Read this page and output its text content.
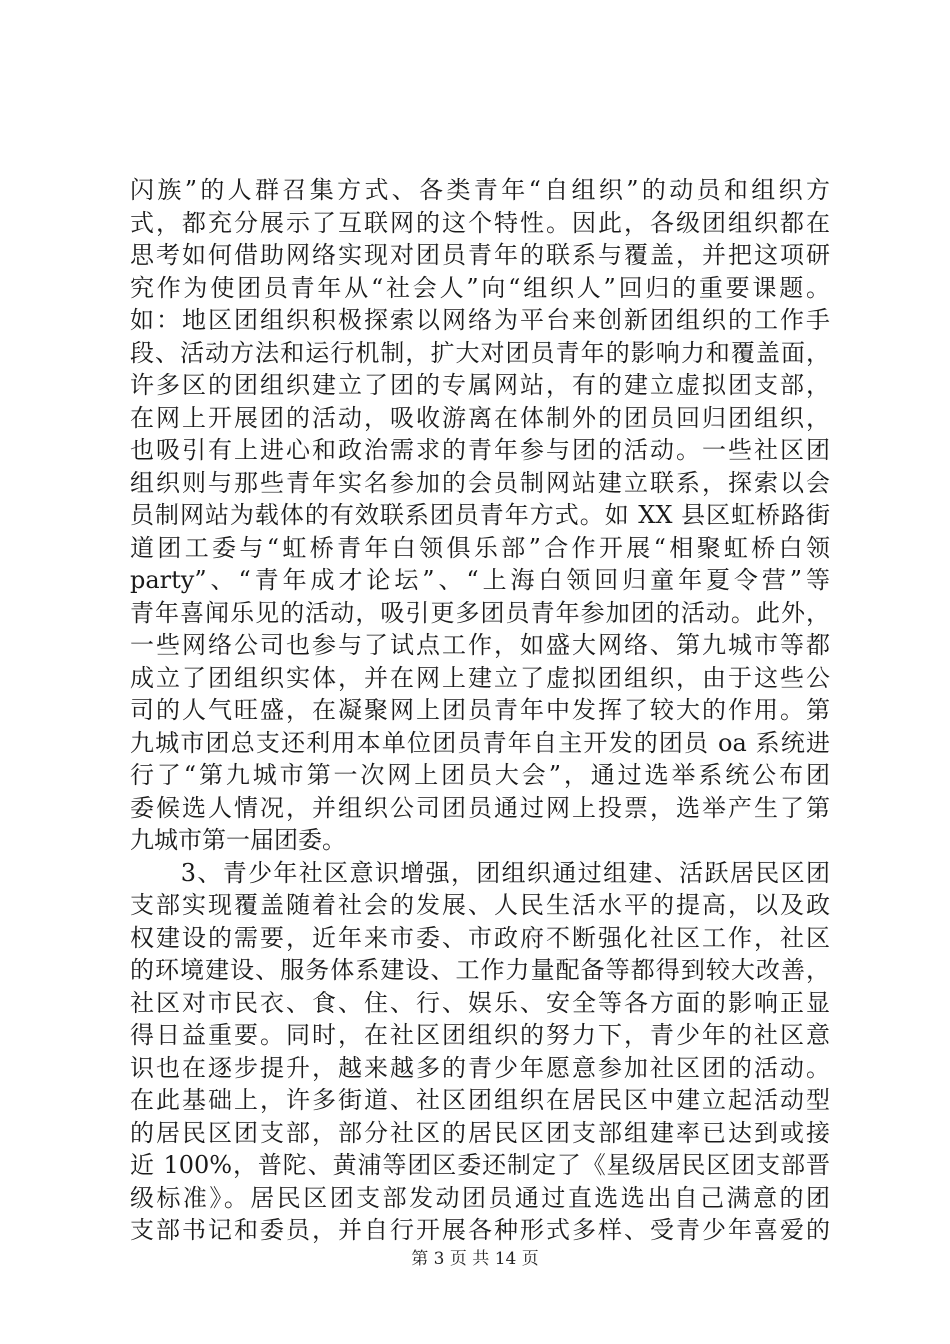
闪族”的人群召集方式、各类青年“自组织”的动员和组织方
式，都充分展示了互联网的这个特性。因此，各级团组织都在
思考如何借助网络实现对团员青年的联系与覆盖，并把这项研
究作为使团员青年从“社会人”向“组织人”回归的重要课题。
如：地区团组织积极探索以网络为平台来创新团组织的工作手
段、活动方法和运行机制，扩大对团员青年的影响力和覆盖面，
许多区的团组织建立了团的专属网站，有的建立虚拟团支部，
在网上开展团的活动，吸收游离在体制外的团员回归团组织，
也吸引有上进心和政治需求的青年参与团的活动。一些社区团
组织则与那些青年实名参加的会员制网站建立联系，探索以会
员制网站为载体的有效联系团员青年方式。如 XX 县区虹桥路街
道团工委与“虹桥青年白领俱乐部”合作开展“相聚虹桥白领
party”、“青年成才论坛”、“上海白领回归童年夏令营”等
青年喜闻乐见的活动，吸引更多团员青年参加团的活动。此外，
一些网络公司也参与了试点工作，如盛大网络、第九城市等都
成立了团组织实体，并在网上建立了虚拟团组织，由于这些公
司的人气旺盛，在凝聚网上团员青年中发挥了较大的作用。第
九城市团总支还利用本单位团员青年自主开发的团员 oa 系统进
行了“第九城市第一次网上团员大会”，通过选举系统公布团
委候选人情况，并组织公司团员通过网上投票，选举产生了第
九城市第一届团委。
　　3、青少年社区意识增强，团组织通过组建、活跃居民区团
支部实现覆盖随着社会的发展、人民生活水平的提高，以及政
权建设的需要，近年来市委、市政府不断强化社区工作，社区
的环境建设、服务体系建设、工作力量配备等都得到较大改善，
社区对市民衣、食、住、行、娱乐、安全等各方面的影响正显
得日益重要。同时，在社区团组织的努力下，青少年的社区意
识也在逐步提升，越来越多的青少年愿意参加社区团的活动。
在此基础上，许多街道、社区团组织在居民区中建立起活动型
的居民区团支部，部分社区的居民区团支部组建率已达到或接
近 100%，普陀、黄浦等团区委还制定了《星级居民区团支部晋
级标准》。居民区团支部发动团员通过直选选出自己满意的团
支部书记和委员，并自行开展各种形式多样、受青少年喜爱的
第 3 页 共 14 页
